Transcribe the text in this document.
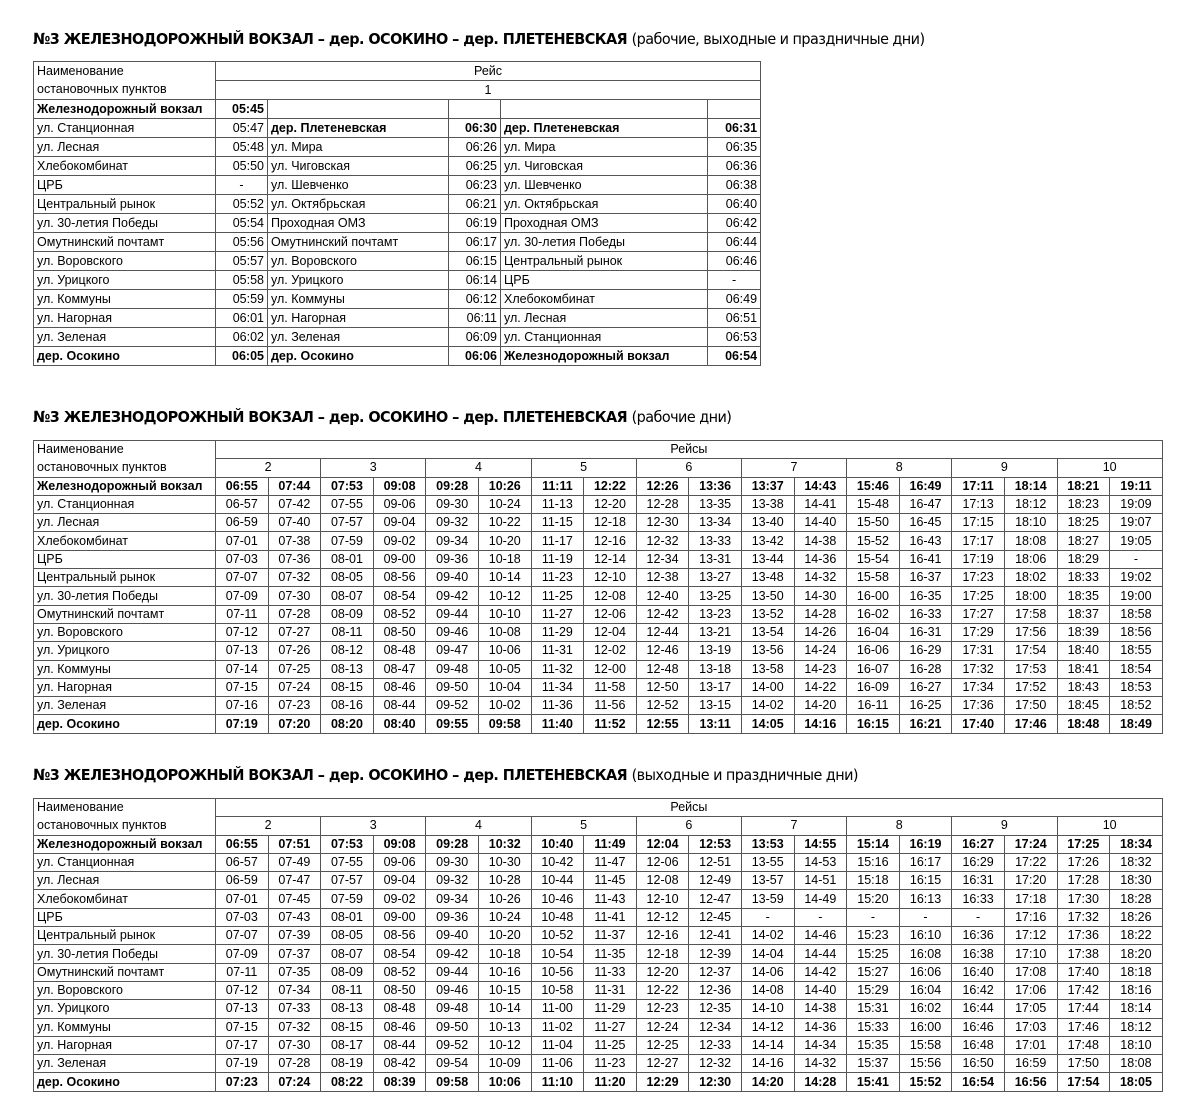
№3 ЖЕЛЕЗНОДОРОЖНЫЙ ВОКЗАЛ – дер. ОСОКИНО – дер. ПЛЕТЕНЕВСКАЯ (рабочие, выходные и праздничные дни)
Наименование	Рейс				
остановочных пунктов	1				
Железнодорожный вокзал	05:45				
ул. Станционная	05:47	дер. Плетеневская	06:30	дер. Плетеневская	06:31
ул. Лесная	05:48	ул. Мира	06:26	ул. Мира	06:35
Хлебокомбинат	05:50	ул. Чиговская	06:25	ул. Чиговская	06:36
ЦРБ	-	ул. Шевченко	06:23	ул. Шевченко	06:38
Центральный рынок	05:52	ул. Октябрьская	06:21	ул. Октябрьская	06:40
ул. 30-летия Победы	05:54	Проходная ОМЗ	06:19	Проходная ОМЗ	06:42
Омутнинский почтамт	05:56	Омутнинский почтамт	06:17	ул. 30-летия Победы	06:44
ул. Воровского	05:57	ул. Воровского	06:15	Центральный рынок	06:46
ул. Урицкого	05:58	ул. Урицкого	06:14	ЦРБ	-
ул. Коммуны	05:59	ул. Коммуны	06:12	Хлебокомбинат	06:49
ул. Нагорная	06:01	ул. Нагорная	06:11	ул. Лесная	06:51
ул. Зеленая	06:02	ул. Зеленая	06:09	ул. Станционная	06:53
дер. Осокино	06:05	дер. Осокино	06:06	Железнодорожный вокзал	06:54
№3 ЖЕЛЕЗНОДОРОЖНЫЙ ВОКЗАЛ – дер. ОСОКИНО – дер. ПЛЕТЕНЕВСКАЯ (рабочие дни)
Наименование	Рейсы																	
остановочных пунктов	2		3		4		5		6		7		8		9		10	
Железнодорожный вокзал	06:55	07:44	07:53	09:08	09:28	10:26	11:11	12:22	12:26	13:36	13:37	14:43	15:46	16:49	17:11	18:14	18:21	19:11
ул. Станционная	06-57	07-42	07-55	09-06	09-30	10-24	11-13	12-20	12-28	13-35	13-38	14-41	15-48	16-47	17:13	18:12	18:23	19:09
ул. Лесная	06-59	07-40	07-57	09-04	09-32	10-22	11-15	12-18	12-30	13-34	13-40	14-40	15-50	16-45	17:15	18:10	18:25	19:07
Хлебокомбинат	07-01	07-38	07-59	09-02	09-34	10-20	11-17	12-16	12-32	13-33	13-42	14-38	15-52	16-43	17:17	18:08	18:27	19:05
ЦРБ	07-03	07-36	08-01	09-00	09-36	10-18	11-19	12-14	12-34	13-31	13-44	14-36	15-54	16-41	17:19	18:06	18:29	-
Центральный рынок	07-07	07-32	08-05	08-56	09-40	10-14	11-23	12-10	12-38	13-27	13-48	14-32	15-58	16-37	17:23	18:02	18:33	19:02
ул. 30-летия Победы	07-09	07-30	08-07	08-54	09-42	10-12	11-25	12-08	12-40	13-25	13-50	14-30	16-00	16-35	17:25	18:00	18:35	19:00
Омутнинский почтамт	07-11	07-28	08-09	08-52	09-44	10-10	11-27	12-06	12-42	13-23	13-52	14-28	16-02	16-33	17:27	17:58	18:37	18:58
ул. Воровского	07-12	07-27	08-11	08-50	09-46	10-08	11-29	12-04	12-44	13-21	13-54	14-26	16-04	16-31	17:29	17:56	18:39	18:56
ул. Урицкого	07-13	07-26	08-12	08-48	09-47	10-06	11-31	12-02	12-46	13-19	13-56	14-24	16-06	16-29	17:31	17:54	18:40	18:55
ул. Коммуны	07-14	07-25	08-13	08-47	09-48	10-05	11-32	12-00	12-48	13-18	13-58	14-23	16-07	16-28	17:32	17:53	18:41	18:54
ул. Нагорная	07-15	07-24	08-15	08-46	09-50	10-04	11-34	11-58	12-50	13-17	14-00	14-22	16-09	16-27	17:34	17:52	18:43	18:53
ул. Зеленая	07-16	07-23	08-16	08-44	09-52	10-02	11-36	11-56	12-52	13-15	14-02	14-20	16-11	16-25	17:36	17:50	18:45	18:52
дер. Осокино	07:19	07:20	08:20	08:40	09:55	09:58	11:40	11:52	12:55	13:11	14:05	14:16	16:15	16:21	17:40	17:46	18:48	18:49
№3 ЖЕЛЕЗНОДОРОЖНЫЙ ВОКЗАЛ – дер. ОСОКИНО – дер. ПЛЕТЕНЕВСКАЯ (выходные и праздничные дни)
Наименование	Рейсы																	
остановочных пунктов	2		3		4		5		6		7		8		9		10	
Железнодорожный вокзал	06:55	07:51	07:53	09:08	09:28	10:32	10:40	11:49	12:04	12:53	13:53	14:55	15:14	16:19	16:27	17:24	17:25	18:34
ул. Станционная	06-57	07-49	07-55	09-06	09-30	10-30	10-42	11-47	12-06	12-51	13-55	14-53	15:16	16:17	16:29	17:22	17:26	18:32
ул. Лесная	06-59	07-47	07-57	09-04	09-32	10-28	10-44	11-45	12-08	12-49	13-57	14-51	15:18	16:15	16:31	17:20	17:28	18:30
Хлебокомбинат	07-01	07-45	07-59	09-02	09-34	10-26	10-46	11-43	12-10	12-47	13-59	14-49	15:20	16:13	16:33	17:18	17:30	18:28
ЦРБ	07-03	07-43	08-01	09-00	09-36	10-24	10-48	11-41	12-12	12-45	-	-	-	-	-	17:16	17:32	18:26
Центральный рынок	07-07	07-39	08-05	08-56	09-40	10-20	10-52	11-37	12-16	12-41	14-02	14-46	15:23	16:10	16:36	17:12	17:36	18:22
ул. 30-летия Победы	07-09	07-37	08-07	08-54	09-42	10-18	10-54	11-35	12-18	12-39	14-04	14-44	15:25	16:08	16:38	17:10	17:38	18:20
Омутнинский почтамт	07-11	07-35	08-09	08-52	09-44	10-16	10-56	11-33	12-20	12-37	14-06	14-42	15:27	16:06	16:40	17:08	17:40	18:18
ул. Воровского	07-12	07-34	08-11	08-50	09-46	10-15	10-58	11-31	12-22	12-36	14-08	14-40	15:29	16:04	16:42	17:06	17:42	18:16
ул. Урицкого	07-13	07-33	08-13	08-48	09-48	10-14	11-00	11-29	12-23	12-35	14-10	14-38	15:31	16:02	16:44	17:05	17:44	18:14
ул. Коммуны	07-15	07-32	08-15	08-46	09-50	10-13	11-02	11-27	12-24	12-34	14-12	14-36	15:33	16:00	16:46	17:03	17:46	18:12
ул. Нагорная	07-17	07-30	08-17	08-44	09-52	10-12	11-04	11-25	12-25	12-33	14-14	14-34	15:35	15:58	16:48	17:01	17:48	18:10
ул. Зеленая	07-19	07-28	08-19	08-42	09-54	10-09	11-06	11-23	12-27	12-32	14-16	14-32	15:37	15:56	16:50	16:59	17:50	18:08
дер. Осокино	07:23	07:24	08:22	08:39	09:58	10:06	11:10	11:20	12:29	12:30	14:20	14:28	15:41	15:52	16:54	16:56	17:54	18:05
